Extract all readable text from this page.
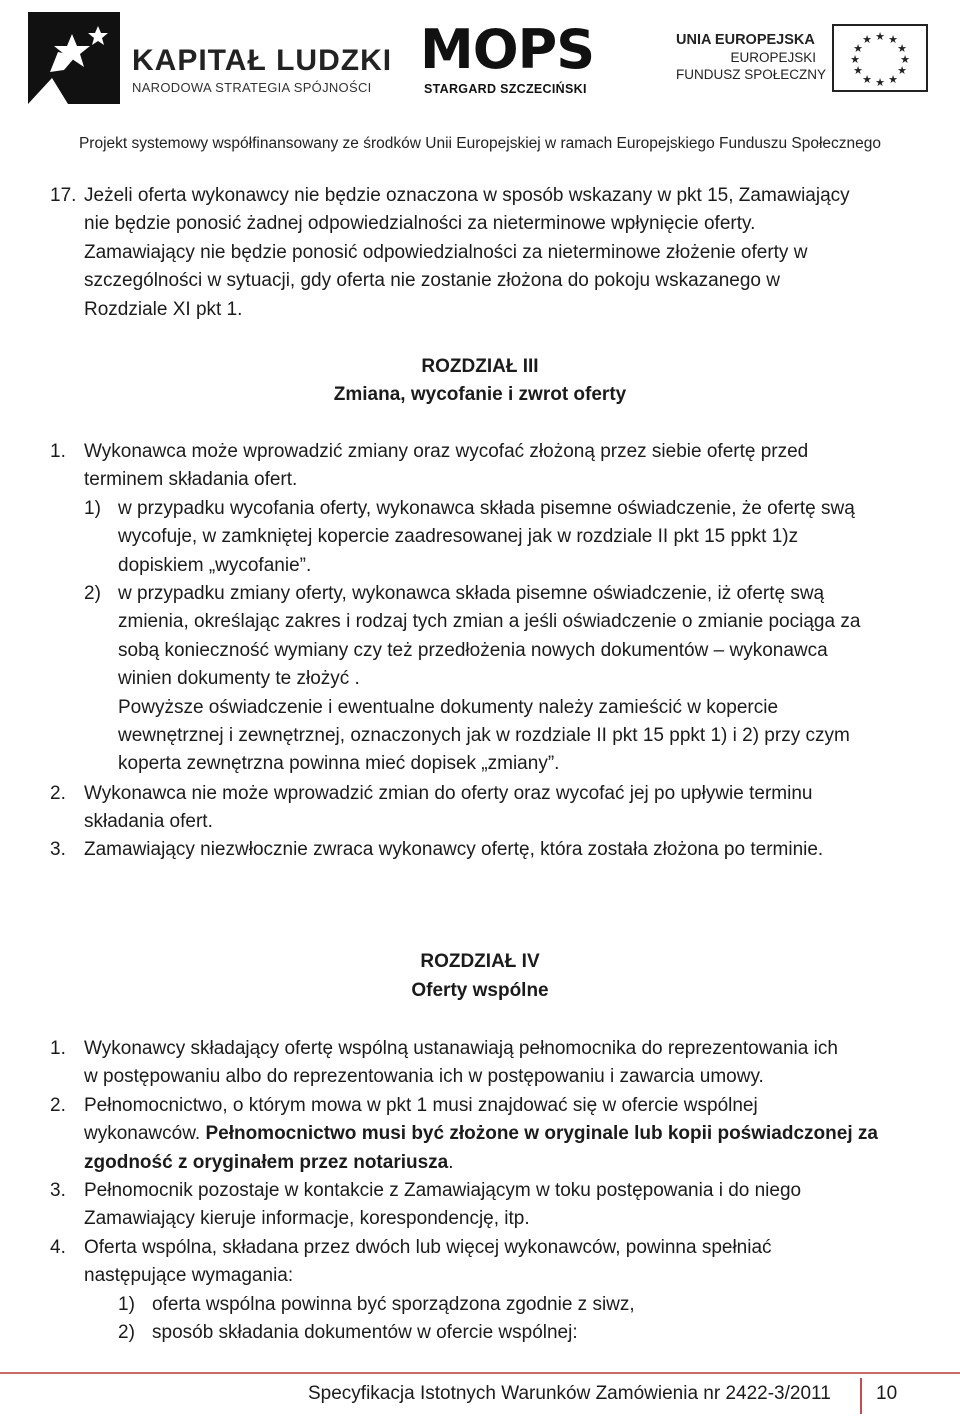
KAPITAŁ LUDZKI
NARODOWA STRATEGIA SPÓJNOŚCI
MOPS
STARGARD SZCZECIŃSKI
UNIA EUROPEJSKA
EUROPEJSKI
FUNDUSZ SPOŁECZNY
★ ★
★
★
★
★
★
★
★
★
★
★
Projekt systemowy współfinansowany ze środków Unii Europejskiej w ramach Europejskiego Funduszu Społecznego
17. Jeżeli oferta wykonawcy nie będzie oznaczona w sposób wskazany w pkt 15, Zamawiający
nie będzie ponosić żadnej odpowiedzialności za nieterminowe wpłynięcie oferty.
Zamawiający nie będzie ponosić odpowiedzialności za nieterminowe złożenie oferty w
szczególności w sytuacji, gdy oferta nie zostanie złożona do pokoju wskazanego w
Rozdziale XI pkt 1.
ROZDZIAŁ III
Zmiana, wycofanie i zwrot oferty
1. Wykonawca może wprowadzić zmiany oraz wycofać złożoną przez siebie ofertę przed
terminem składania ofert.
1) w przypadku wycofania oferty, wykonawca składa pisemne oświadczenie, że ofertę swą
wycofuje, w zamkniętej kopercie zaadresowanej jak w rozdziale II pkt 15 ppkt 1)z
dopiskiem „wycofanie”.
2) w przypadku zmiany oferty, wykonawca składa pisemne oświadczenie, iż ofertę swą
zmienia, określając zakres i rodzaj tych zmian a jeśli oświadczenie o zmianie pociąga za
sobą konieczność wymiany czy też przedłożenia nowych dokumentów – wykonawca
winien dokumenty te złożyć .
Powyższe oświadczenie i ewentualne dokumenty należy zamieścić w kopercie
wewnętrznej i zewnętrznej, oznaczonych jak w rozdziale II pkt 15 ppkt 1) i 2) przy czym
koperta zewnętrzna powinna mieć dopisek „zmiany”.
2. Wykonawca nie może wprowadzić zmian do oferty oraz wycofać jej po upływie terminu
składania ofert.
3. Zamawiający niezwłocznie zwraca wykonawcy ofertę, która została złożona po terminie.
ROZDZIAŁ IV
Oferty wspólne
1. Wykonawcy składający ofertę wspólną ustanawiają pełnomocnika do reprezentowania ich
w postępowaniu albo do reprezentowania ich w postępowaniu i zawarcia umowy.
2. Pełnomocnictwo, o którym mowa w pkt 1 musi znajdować się w ofercie wspólnej
wykonawców. Pełnomocnictwo musi być złożone w oryginale lub kopii poświadczonej za
zgodność z oryginałem przez notariusza.
3. Pełnomocnik pozostaje w kontakcie z Zamawiającym w toku postępowania i do niego
Zamawiający kieruje informacje, korespondencję, itp.
4. Oferta wspólna, składana przez dwóch lub więcej wykonawców, powinna spełniać
następujące wymagania:
1) oferta wspólna powinna być sporządzona zgodnie z siwz,
2) sposób składania dokumentów w ofercie wspólnej:
Specyfikacja Istotnych Warunków Zamówienia nr 2422-3/2011 10
